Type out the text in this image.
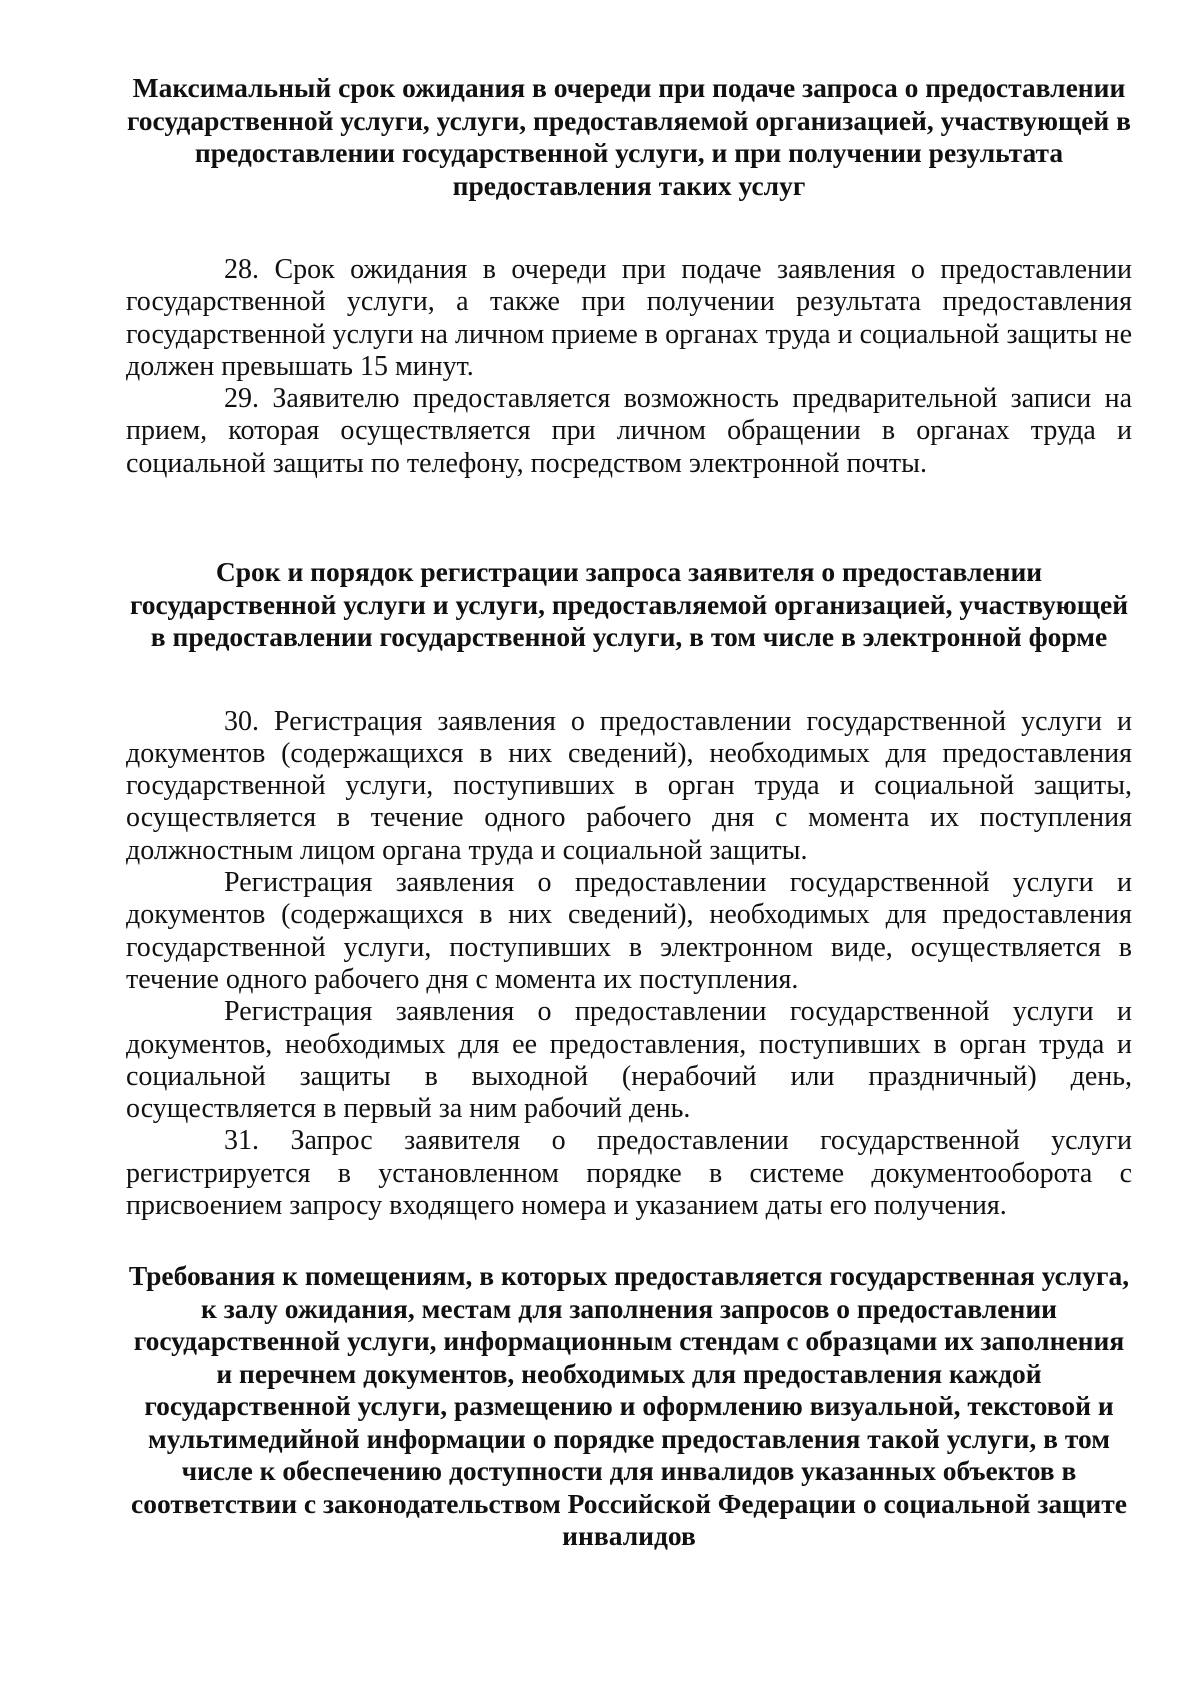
Максимальный срок ожидания в очереди при подаче запроса о предоставлении государственной услуги, услуги, предоставляемой организацией, участвующей в предоставлении государственной услуги, и при получении результата предоставления таких услуг

28. Срок ожидания в очереди при подаче заявления о предоставлении государственной услуги, а также при получении результата предоставления государственной услуги на личном приеме в органах труда и социальной защиты не должен превышать 15 минут.

29. Заявителю предоставляется возможность предварительной записи на прием, которая осуществляется при личном обращении в органах труда и социальной защиты по телефону, посредством электронной почты.

Срок и порядок регистрации запроса заявителя о предоставлении государственной услуги и услуги, предоставляемой организацией, участвующей в предоставлении государственной услуги, в том числе в электронной форме

30. Регистрация заявления о предоставлении государственной услуги и документов (содержащихся в них сведений), необходимых для предоставления государственной услуги, поступивших в орган труда и социальной защиты, осуществляется в течение одного рабочего дня с момента их поступления должностным лицом органа труда и социальной защиты.

Регистрация заявления о предоставлении государственной услуги и документов (содержащихся в них сведений), необходимых для предоставления государственной услуги, поступивших в электронном виде, осуществляется в течение одного рабочего дня с момента их поступления.

Регистрация заявления о предоставлении государственной услуги и документов, необходимых для ее предоставления, поступивших в орган труда и социальной защиты в выходной (нерабочий или праздничный) день, осуществляется в первый за ним рабочий день.

31. Запрос заявителя о предоставлении государственной услуги регистрируется в установленном порядке в системе документооборота с присвоением запросу входящего номера и указанием даты его получения.

Требования к помещениям, в которых предоставляется государственная услуга, к залу ожидания, местам для заполнения запросов о предоставлении государственной услуги, информационным стендам с образцами их заполнения и перечнем документов, необходимых для предоставления каждой государственной услуги, размещению и оформлению визуальной, текстовой и мультимедийной информации о порядке предоставления такой услуги, в том числе к обеспечению доступности для инвалидов указанных объектов в соответствии с законодательством Российской Федерации о социальной защите инвалидов
